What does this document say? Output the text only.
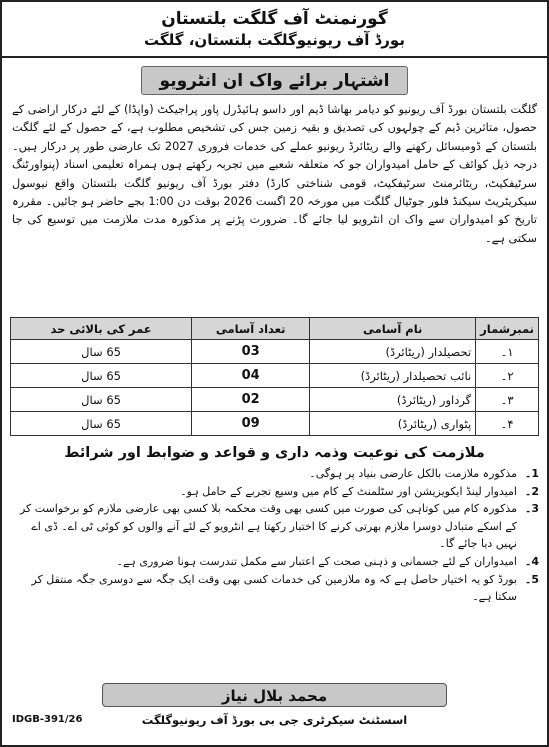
گورنمنٹ آف گلگت بلتستان
بورڈ آف ریونیوگلگت بلتستان، گلگت
اشتہار برائے واک ان انٹرویو

گلگت بلتستان بورڈ آف ریونیو کو دیامر بھاشا ڈیم اور داسو ہائیڈرل پاور پراجیکٹ (واپڈا) کے لئے درکار اراضی کے حصول، متاثرین ڈیم کے چولہوں کی تصدیق و بقیہ زمین جس کی تشخیص مطلوب ہے، کے حصول کے لئے گلگت بلتستان کے ڈومیسائل رکھنے والے ریٹائرڈ ریونیو عملے کی خدمات فروری 2027 تک عارضی طور پر درکار ہیں۔ درجہ ذیل کوائف کے حامل امیدواران جو کہ متعلقہ شعبے میں تجربہ رکھتے ہوں ہمراہ تعلیمی اسناد (پنواورٹنگ سرٹیفکیٹ، ریٹائرمنٹ سرٹیفکیٹ، قومی شناختی کارڈ) دفتر بورڈ آف ریونیو گلگت بلتستان واقع نیوسول سیکریٹریٹ سیکنڈ فلور جوٹیال گلگت میں مورخہ 20 اگست 2026 بوقت دن 1:00 بجے حاضر ہو جائیں۔ مقررہ تاریخ کو امیدواران سے واک ان انٹرویو لیا جائے گا۔ ضرورت پڑنے پر مذکورہ مدت ملازمت میں توسیع کی جا سکتی ہے۔

نمبرشمار	نام آسامی	تعداد آسامی	عمر کی بالائی حد
۱۔	تحصیلدار (ریٹائرڈ)	03	65 سال
۲۔	نائب تحصیلدار (ریٹائرڈ)	04	65 سال
۳۔	گرداور (ریٹائرڈ)	02	65 سال
۴۔	پٹواری (ریٹائرڈ)	09	65 سال
ملازمت کی نوعیت وذمہ داری و قواعد و ضوابط اور شرائط
1۔
مذکورہ ملازمت بالکل عارضی بنیاد پر ہوگی۔
2۔
امیدوار لینڈ ایکویزیشن اور سٹلمنٹ کے کام میں وسیع تجربے کے حامل ہو۔
3۔
مذکورہ کام میں کوتاہی کی صورت میں کسی بھی وقت محکمہ بلا کسی بھی عارضی ملازم کو برخواست کر کے اسکے متبادل دوسرا ملازم بھرتی کرنے کا اختیار رکھتا ہے انٹرویو کے لئے آنے والوں کو کوئی ٹی اے۔ ڈی اے نہیں دیا جائے گا۔
4۔
امیدواران کے لئے جسمانی و ذہنی صحت کے اعتبار سے مکمل تندرست ہونا ضروری ہے۔
5۔
بورڈ کو یہ اختیار حاصل ہے کہ وہ ملازمین کی خدمات کسی بھی وقت ایک جگہ سے دوسری جگہ منتقل کر سکتا ہے۔
محمد بلال نیاز
اسسٹنٹ سیکرٹری جی بی بورڈ آف ریونیوگلگت
IDGB-391/26
